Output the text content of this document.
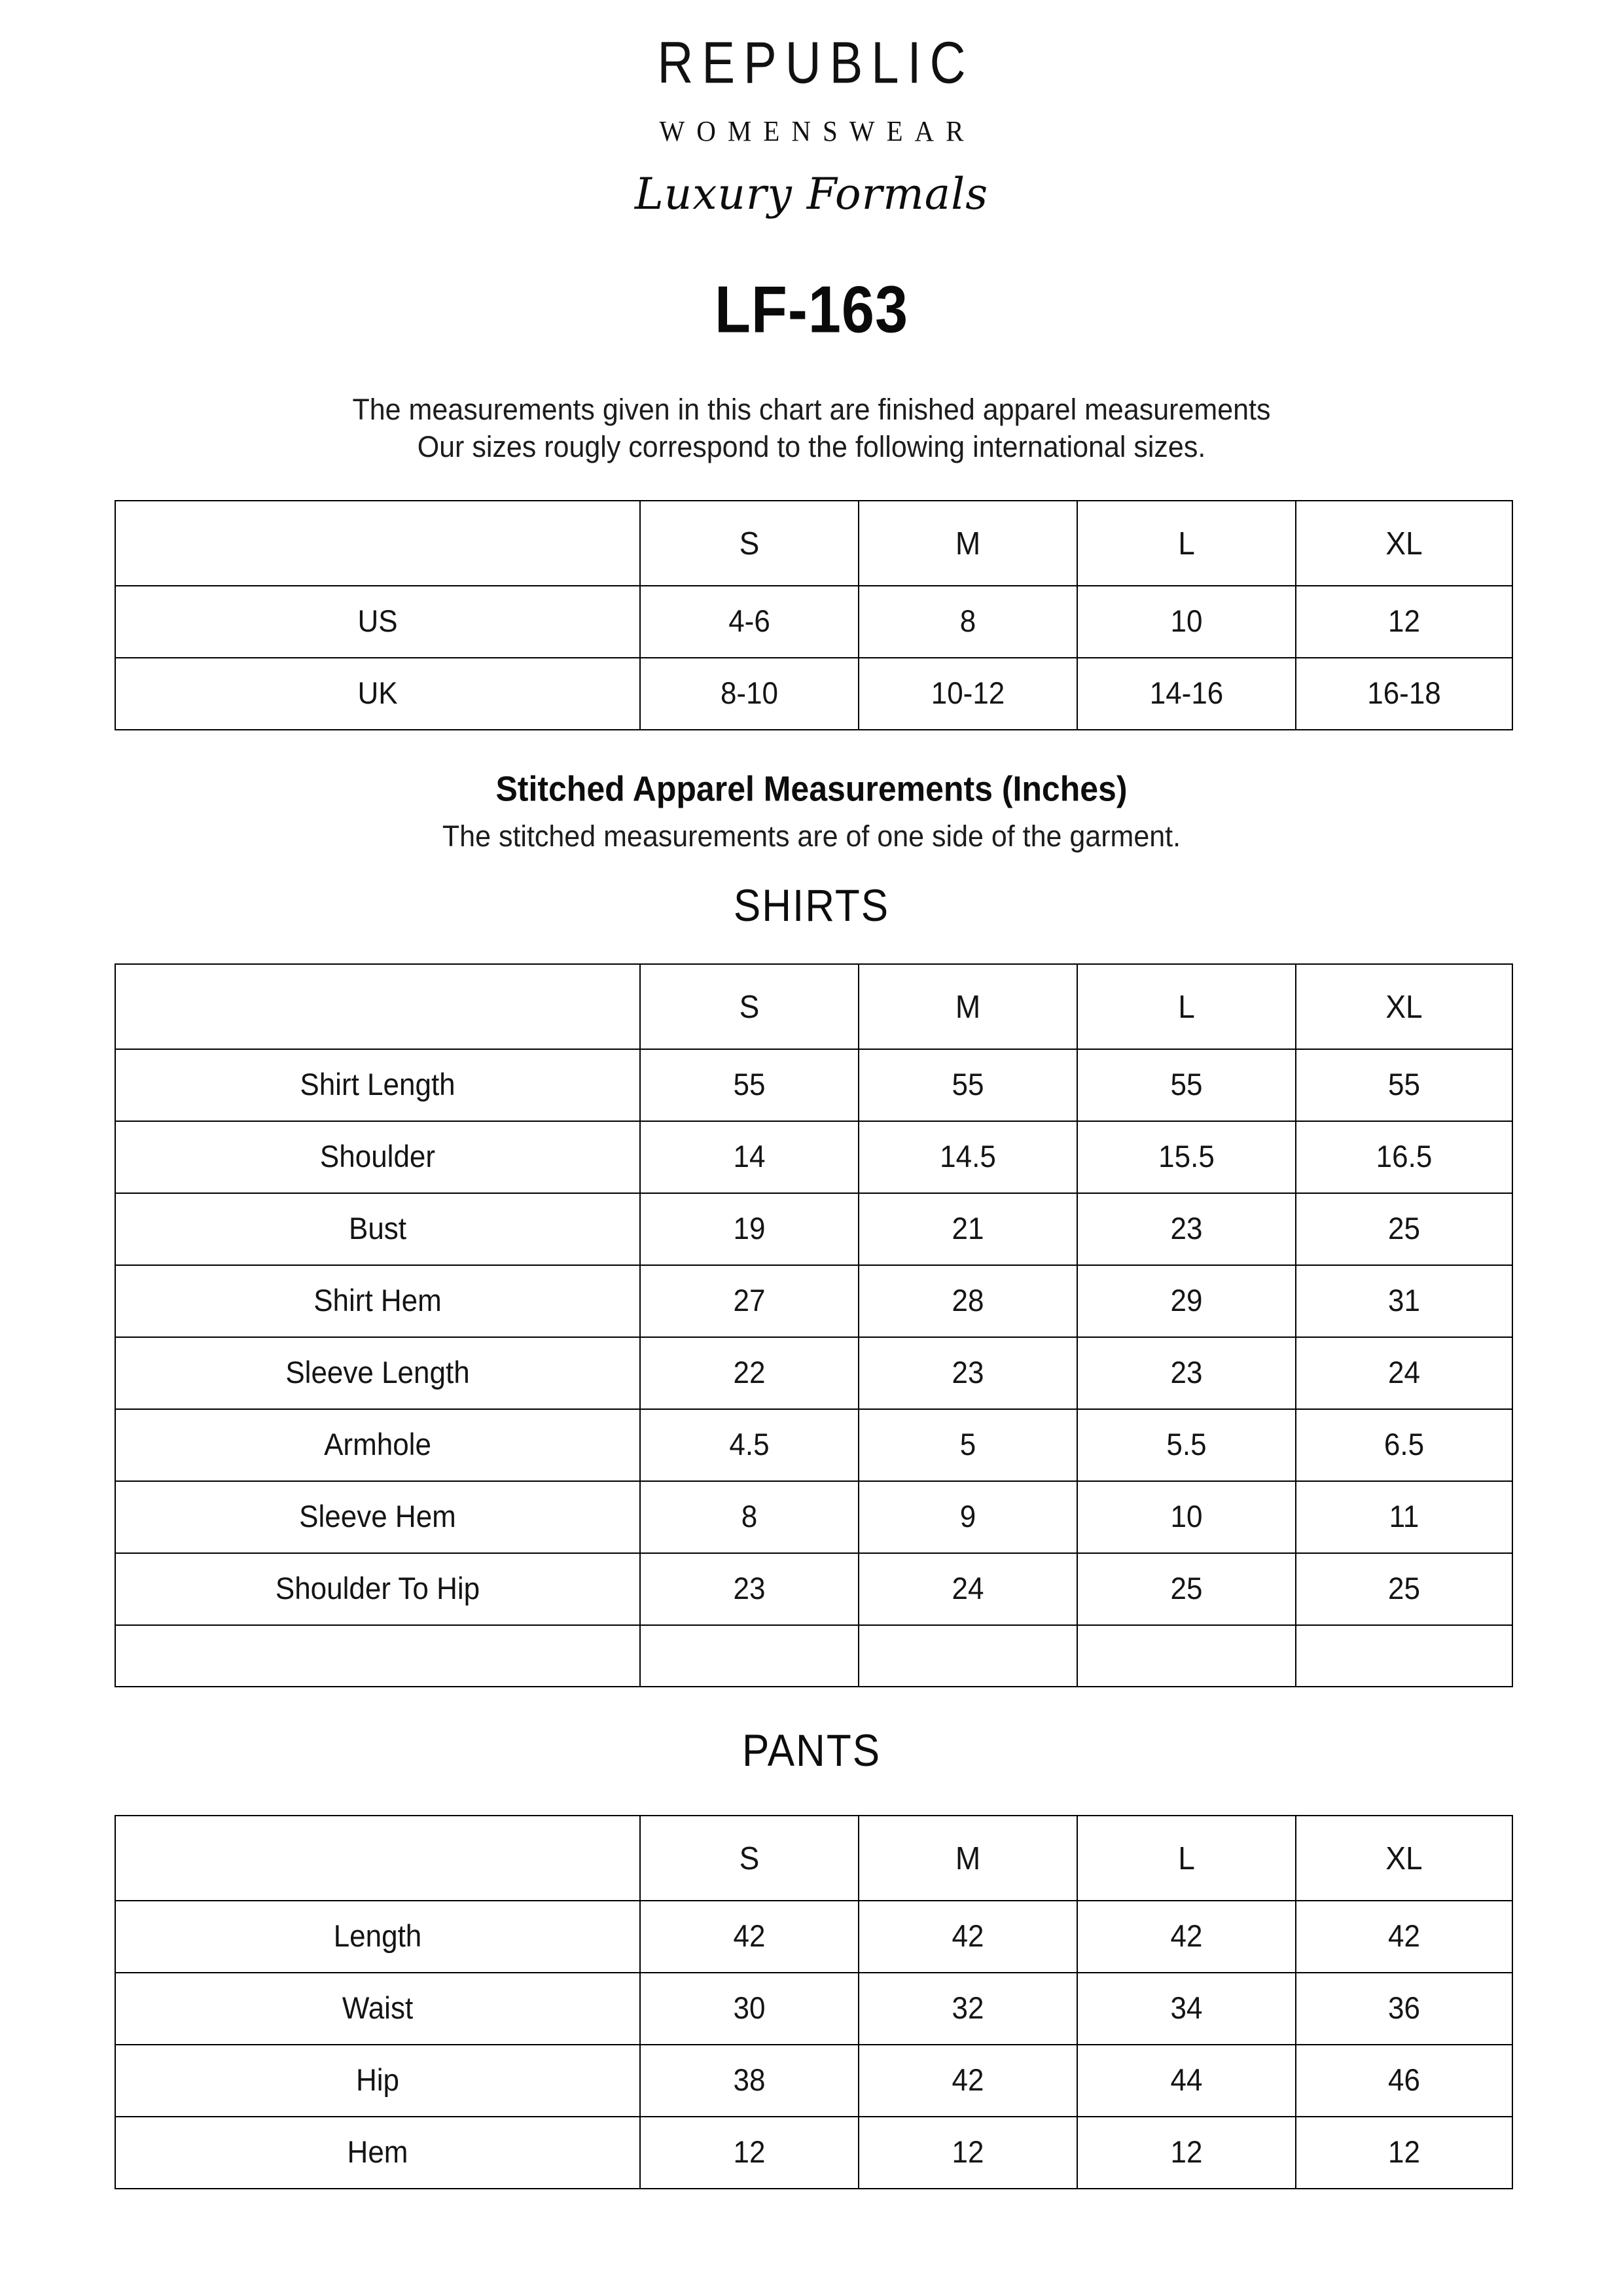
REPUBLIC
WOMENSWEAR
Luxury Formals
LF-163
The measurements given in this chart are finished apparel measurements
Our sizes rougly correspond to the following international sizes.
	S	M	L	XL
US	4-6	8	10	12
UK	8-10	10-12	14-16	16-18
Stitched Apparel Measurements (Inches)
The stitched measurements are of one side of the garment.
SHIRTS
	S	M	L	XL
Shirt Length	55	55	55	55
Shoulder	14	14.5	15.5	16.5
Bust	19	21	23	25
Shirt Hem	27	28	29	31
Sleeve Length	22	23	23	24
Armhole	4.5	5	5.5	6.5
Sleeve Hem	8	9	10	11
Shoulder To Hip	23	24	25	25

PANTS
	S	M	L	XL
Length	42	42	42	42
Waist	30	32	34	36
Hip	38	42	44	46
Hem	12	12	12	12
